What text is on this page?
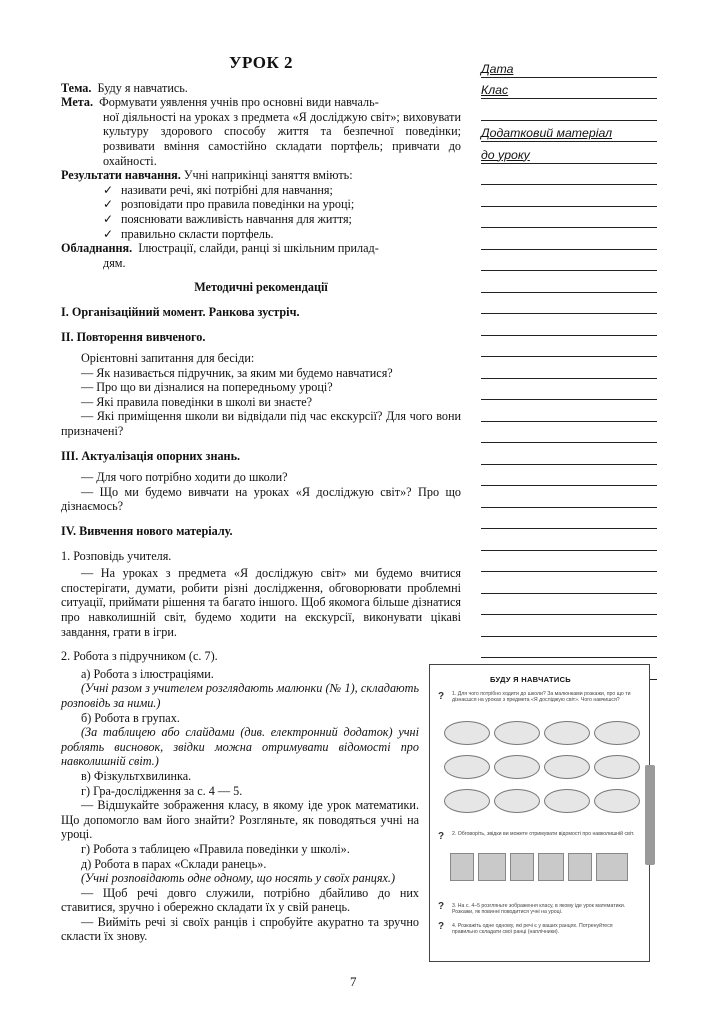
УРОК 2
Тема.
Буду я навчатись.
Мета.
Формувати уявлення учнів про основні види навчаль-
ної діяльності на уроках з предмета «Я досліджую світ»; виховувати культуру здорового способу життя та безпечної поведінки; розвивати вміння самостійно складати портфель; привчати до охайності.
Результати навчання. Учні наприкінці заняття вміють:
✓ називати речі, які потрібні для навчання;
✓ розповідати про правила поведінки на уроці;
✓ пояснювати важливість навчання для життя;
✓ правильно скласти портфель.
Обладнання.
Ілюстрації, слайди, ранці зі шкільним прилад-
дям.
Методичні рекомендації
I. Організаційний момент. Ранкова зустріч.
II. Повторення вивченого.

Орієнтовні запитання для бесіди:

— Як називається підручник, за яким ми будемо навчатися?

— Про що ви дізналися на попередньому уроці?

— Які правила поведінки в школі ви знаєте?

— Які приміщення школи ви відвідали під час екскурсії? Для чого вони призначені?

III. Актуалізація опорних знань.

— Для чого потрібно ходити до школи?

— Що ми будемо вивчати на уроках «Я досліджую світ»? Про що дізнаємось?

IV. Вивчення нового матеріалу.

1. Розповідь учителя.

— На уроках з предмета «Я досліджую світ» ми будемо вчитися спостерігати, думати, робити різні дослідження, обговорювати проблемні ситуації, приймати рішення та багато іншого. Щоб якомога більше дізнатися про навколишній світ, будемо ходити на екскурсії, виконувати цікаві завдання, грати в ігри.

2. Робота з підручником (с. 7).

а) Робота з ілюстраціями.

(Учні разом з учителем розглядають малюнки (№ 1), складають розповідь за ними.)

б) Робота в групах.

(За таблицею або слайдами (див. електронний додаток) учні роблять висновок, звідки можна отримувати відомості про навколишній світ.)

в) Фізкультхвилинка.

г) Гра-дослідження за с. 4 — 5.

— Відшукайте зображення класу, в якому іде урок математики. Що допомогло вам його знайти? Розгляньте, як поводяться учні на уроці.

г) Робота з таблицею «Правила поведінки у школі».

д) Робота в парах «Склади ранець».

(Учні розповідають одне одному, що носять у своїх ранцях.)

— Щоб речі довго служили, потрібно дбайливо до них ставитися, зручно і обережно складати їх у свій ранець.

— Вийміть речі зі своїх ранців і спробуйте акуратно та зручно скласти їх знову.

7
Дата
Клас
Додатковий матеріал
до уроку
БУДУ Я НАВЧАТИСЬ
? 1. Для чого потрібно ходити до школи? За малюнками розкажи, про що ти дізнаєшся на уроках з предмета «Я досліджую світ». Чого навчишся?
? 2. Обговоріть, звідки ви можете отримувати відомості про навколишній світ.
? 3. На с. 4–5 розгляньте зображення класу, в якому іде урок математики. Розкажи, як повинні поводитися учні на уроці.
? 4. Розкажіть одне одному, які речі є у ваших ранцях. Потренуйтеся правильно складати свої ранці (наплічники).
